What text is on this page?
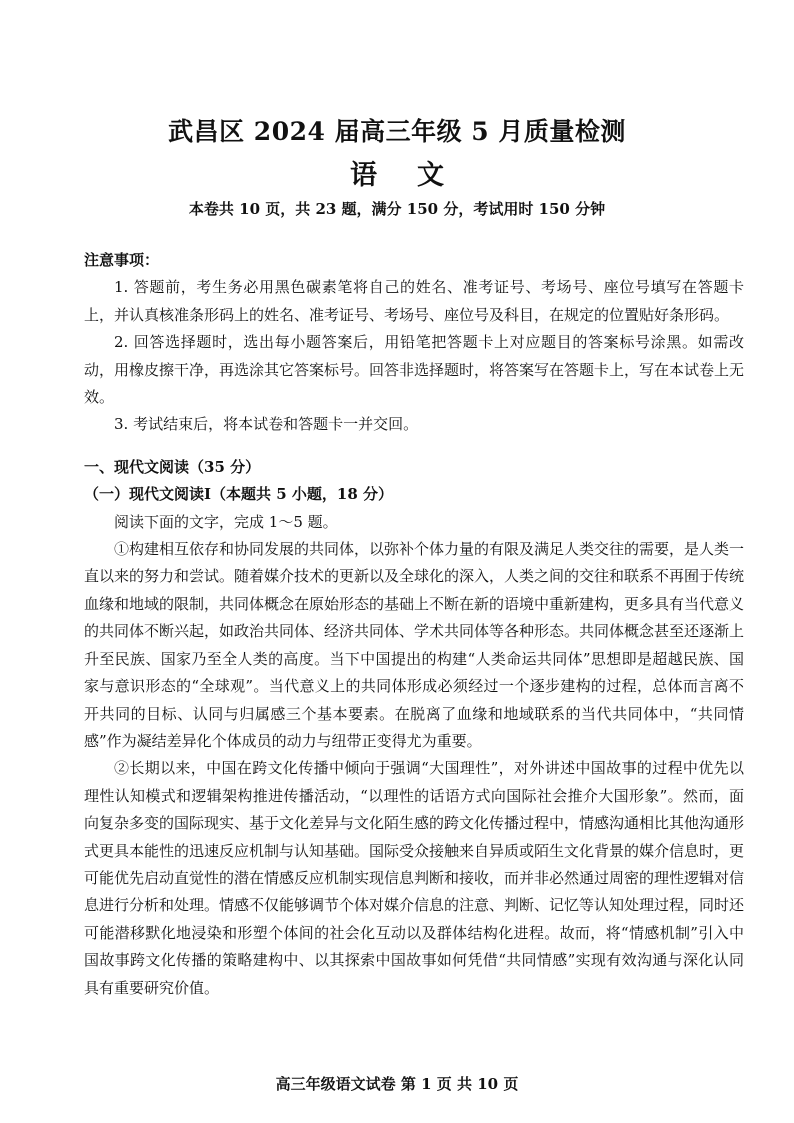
武昌区 2024 届高三年级 5 月质量检测
语文
本卷共 10 页，共 23 题，满分 150 分，考试用时 150 分钟

注意事项：

1. 答题前，考生务必用黑色碳素笔将自己的姓名、准考证号、考场号、座位号填写在答题卡上，并认真核准条形码上的姓名、准考证号、考场号、座位号及科目，在规定的位置贴好条形码。

2. 回答选择题时，选出每小题答案后，用铅笔把答题卡上对应题目的答案标号涂黑。如需改动，用橡皮擦干净，再选涂其它答案标号。回答非选择题时，将答案写在答题卡上，写在本试卷上无效。

3. 考试结束后，将本试卷和答题卡一并交回。

一、现代文阅读（35 分）

（一）现代文阅读Ⅰ（本题共 5 小题，18 分）

阅读下面的文字，完成 1～5 题。

①构建相互依存和协同发展的共同体，以弥补个体力量的有限及满足人类交往的需要，是人类一直以来的努力和尝试。随着媒介技术的更新以及全球化的深入，人类之间的交往和联系不再囿于传统血缘和地域的限制，共同体概念在原始形态的基础上不断在新的语境中重新建构，更多具有当代意义的共同体不断兴起，如政治共同体、经济共同体、学术共同体等各种形态。共同体概念甚至还逐渐上升至民族、国家乃至全人类的高度。当下中国提出的构建“人类命运共同体”思想即是超越民族、国家与意识形态的“全球观”。当代意义上的共同体形成必须经过一个逐步建构的过程，总体而言离不开共同的目标、认同与归属感三个基本要素。在脱离了血缘和地域联系的当代共同体中，“共同情感”作为凝结差异化个体成员的动力与纽带正变得尤为重要。

②长期以来，中国在跨文化传播中倾向于强调“大国理性”，对外讲述中国故事的过程中优先以理性认知模式和逻辑架构推进传播活动，“以理性的话语方式向国际社会推介大国形象”。然而，面向复杂多变的国际现实、基于文化差异与文化陌生感的跨文化传播过程中，情感沟通相比其他沟通形式更具本能性的迅速反应机制与认知基础。国际受众接触来自异质或陌生文化背景的媒介信息时，更可能优先启动直觉性的潜在情感反应机制实现信息判断和接收，而并非必然通过周密的理性逻辑对信息进行分析和处理。情感不仅能够调节个体对媒介信息的注意、判断、记忆等认知处理过程，同时还可能潜移默化地浸染和形塑个体间的社会化互动以及群体结构化进程。故而，将“情感机制”引入中国故事跨文化传播的策略建构中、以其探索中国故事如何凭借“共同情感”实现有效沟通与深化认同具有重要研究价值。

高三年级语文试卷 第 1 页 共 10 页
